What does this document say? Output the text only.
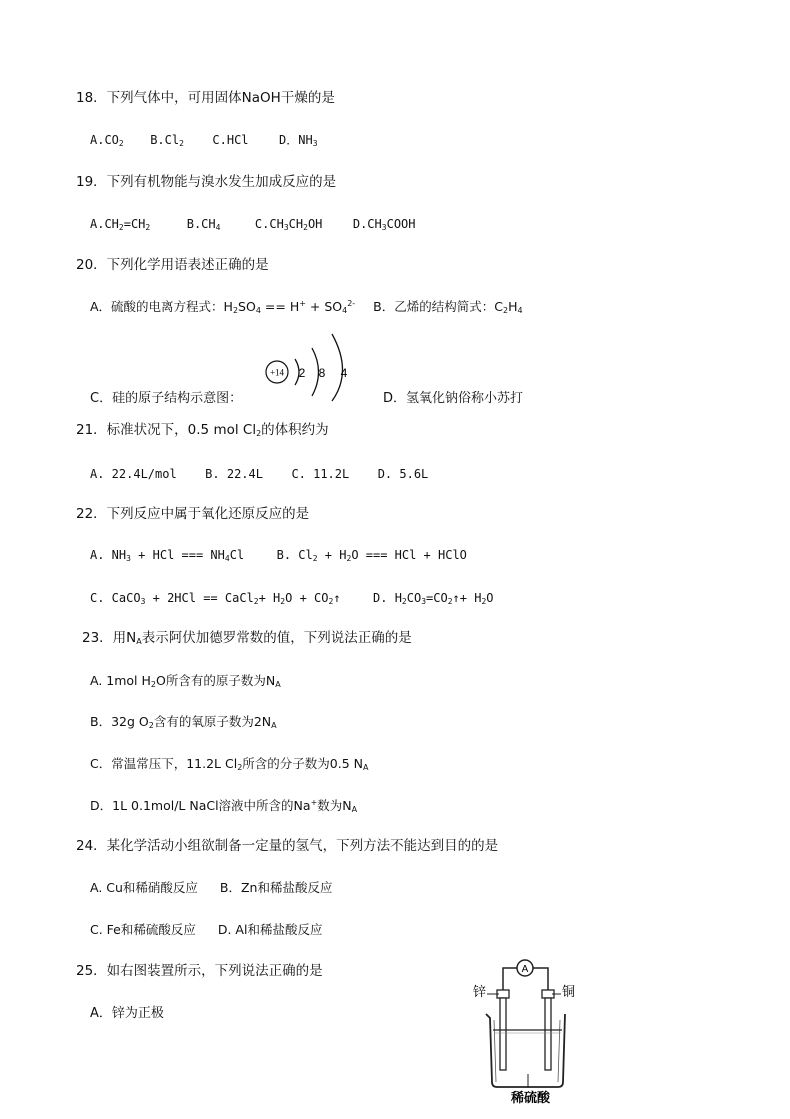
18．下列气体中，可用固体NaOH干燥的是
$A.CO_2$ $B.Cl_2$ C.HCl	D．$NH_3$
19．下列有机物能与溴水发生加成反应的是
$A.CH_2=CH_2$	$B.CH_4$	$C.CH_3CH_2OH$	$D.CH_3COOH$
20．下列化学用语表述正确的是
A．硫酸的电离方程式：$H_2SO_4 == H^+ + SO_4^{2-}$ B．乙烯的结构简式：$C_2H_4$
+14 2 8 4
C．硅的原子结构示意图：	D．氢氧化钠俗称小苏打
21．标准状况下，0.5 mol $Cl_2$的体积约为
A. 22.4L/mol B. 22.4L C. 11.2L D. 5.6L
22．下列反应中属于氧化还原反应的是
A. $NH_3$ + HCl === $NH_4Cl$	B. $Cl_2 + H_2O$ === HCl + HClO
C. CaCO$_3$ + 2HCl == CaCl$_2$+ $H_2O$ + $CO_2↑$	D. $H_2CO_3=CO_2↑+ H_2O$
23．用$N_A$表示阿伏加德罗常数的值，下列说法正确的是
A. 1mol $H_2O$所含有的原子数为$N_A$
B．32g $O_2$含有的氧原子数为$2N_A$
C．常温常压下，11.2L $Cl_2$所含的分子数为0.5 $N_A$
D．1L 0.1mol/L NaCl溶液中所含的Na+数为$N_A$
24．某化学活动小组欲制备一定量的氢气，下列方法不能达到目的的是
A. Cu和稀硝酸反应 B．Zn和稀盐酸反应
C. Fe和稀硫酸反应 D. Al和稀盐酸反应
25．如右图装置所示，下列说法正确的是
A．锌为正极
A
锌	铜
稀硫酸
